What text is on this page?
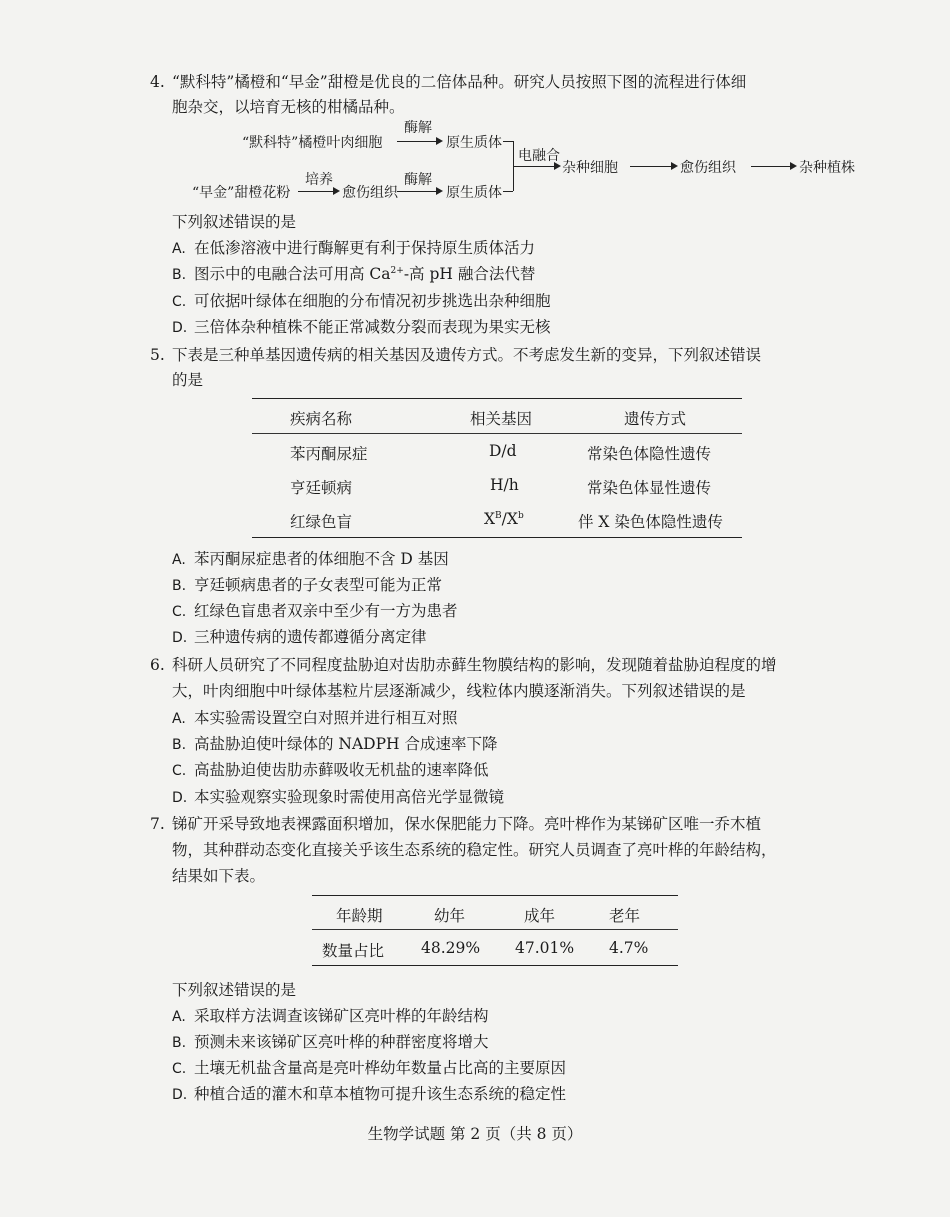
4. “默科特”橘橙和“早金”甜橙是优良的二倍体品种。研究人员按照下图的流程进行体细
胞杂交，以培育无核的柑橘品种。
“默科特”橘橙叶肉细胞
酶解
原生质体
“早金”甜橙花粉
培养
愈伤组织
酶解
原生质体
电融合
杂种细胞	愈伤组织	杂种植株
下列叙述错误的是
A. 在低渗溶液中进行酶解更有利于保持原生质体活力
B. 图示中的电融合法可用高 $Ca^{2+}-$高 pH 融合法代替
C. 可依据叶绿体在细胞的分布情况初步挑选出杂种细胞
D. 三倍体杂种植株不能正常减数分裂而表现为果实无核
5. 下表是三种单基因遗传病的相关基因及遗传方式。不考虑发生新的变异，下列叙述错误
的是
疾病名称	相关基因	遗传方式
苯丙酮尿症	D/d	常染色体隐性遗传
亨廷顿病	H/h	常染色体显性遗传
红绿色盲	$X^B/X^b$	伴 X 染色体隐性遗传
A. 苯丙酮尿症患者的体细胞不含 D 基因
B. 亨廷顿病患者的子女表型可能为正常
C. 红绿色盲患者双亲中至少有一方为患者
D. 三种遗传病的遗传都遵循分离定律
6. 科研人员研究了不同程度盐胁迫对齿肋赤藓生物膜结构的影响，发现随着盐胁迫程度的增
大，叶肉细胞中叶绿体基粒片层逐渐减少，线粒体内膜逐渐消失。下列叙述错误的是
A. 本实验需设置空白对照并进行相互对照
B. 高盐胁迫使叶绿体的 NADPH 合成速率下降
C. 高盐胁迫使齿肋赤藓吸收无机盐的速率降低
D. 本实验观察实验现象时需使用高倍光学显微镜
7. 锑矿开采导致地表裸露面积增加，保水保肥能力下降。亮叶桦作为某锑矿区唯一乔木植
物，其种群动态变化直接关乎该生态系统的稳定性。研究人员调查了亮叶桦的年龄结构，
结果如下表。
年龄期	幼年	成年	老年
数量占比 48.29% 47.01% 4.7%
下列叙述错误的是
A. 采取样方法调查该锑矿区亮叶桦的年龄结构
B. 预测未来该锑矿区亮叶桦的种群密度将增大
C. 土壤无机盐含量高是亮叶桦幼年数量占比高的主要原因
D. 种植合适的灌木和草本植物可提升该生态系统的稳定性
生物学试题 第 2 页（共 8 页）
